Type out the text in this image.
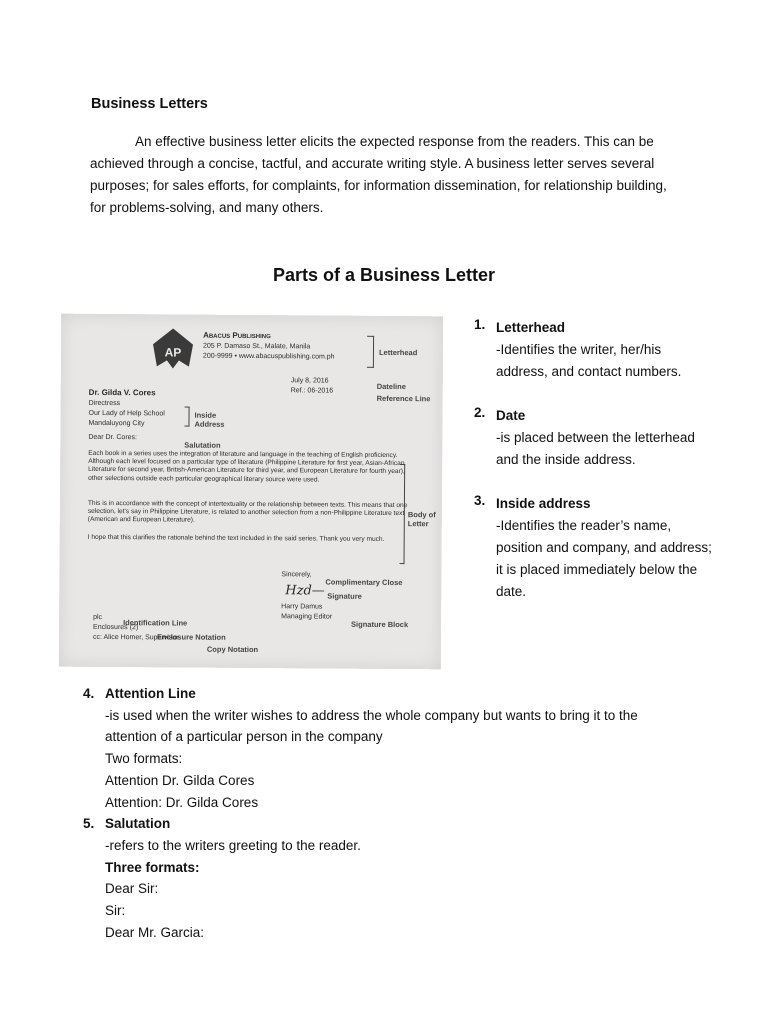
Business Letters

An effective business letter elicits the expected response from the readers. This can be achieved through a concise, tactful, and accurate writing style. A business letter serves several purposes; for sales efforts, for complaints, for information dissemination, for relationship building, for problems-solving, and many others.

Parts of a Business Letter
AP
Abacus Publishing
205 P. Damaso St., Malate, Manila
200-9999 • www.abacuspublishing.com.ph	Letterhead
July 8, 2016
Ref.: 06-2016	Dateline
Reference Line
Dr. Gilda V. Cores
Directress
Our Lady of Help School
Mandaluyong City
Inside Address
Dear Dr. Cores:
Salutation
Each book in a series uses the integration of literature and language in the teaching of English proficiency. Although each level focused on a particular type of literature (Philippine Literature for first year, Asian-African Literature for second year, British-American Literature for third year, and European Literature for fourth year), other selections outside each particular geographical literary source were used.
This is in accordance with the concept of intertextuality or the relationship between texts. This means that one selection, let's say in Philippine Literature, is related to another selection from a non-Philippine Literature text (American and European Literature).
I hope that this clarifies the rationale behind the text included in the said series. Thank you very much.
Body of Letter
Sincerely,
Complimentary Close
Hzd— Signature
Harry Damus
Managing Editor
Signature Block
plc
Identification Line
Enclosures (2)
Enclosure Notation
cc: Alice Homer, Supervisor
Copy Notation
1. Letterhead
-Identifies the writer, her/his address, and contact numbers.
2. Date
-is placed between the letterhead and the inside address.
3. Inside address
-Identifies the reader’s name, position and company, and address; it is placed immediately below the date.
4. Attention Line
-is used when the writer wishes to address the whole company but wants to bring it to the attention of a particular person in the company
Two formats:
Attention Dr. Gilda Cores
Attention: Dr. Gilda Cores
5. Salutation
-refers to the writers greeting to the reader.
Three formats:
Dear Sir:
Sir:
Dear Mr. Garcia:
